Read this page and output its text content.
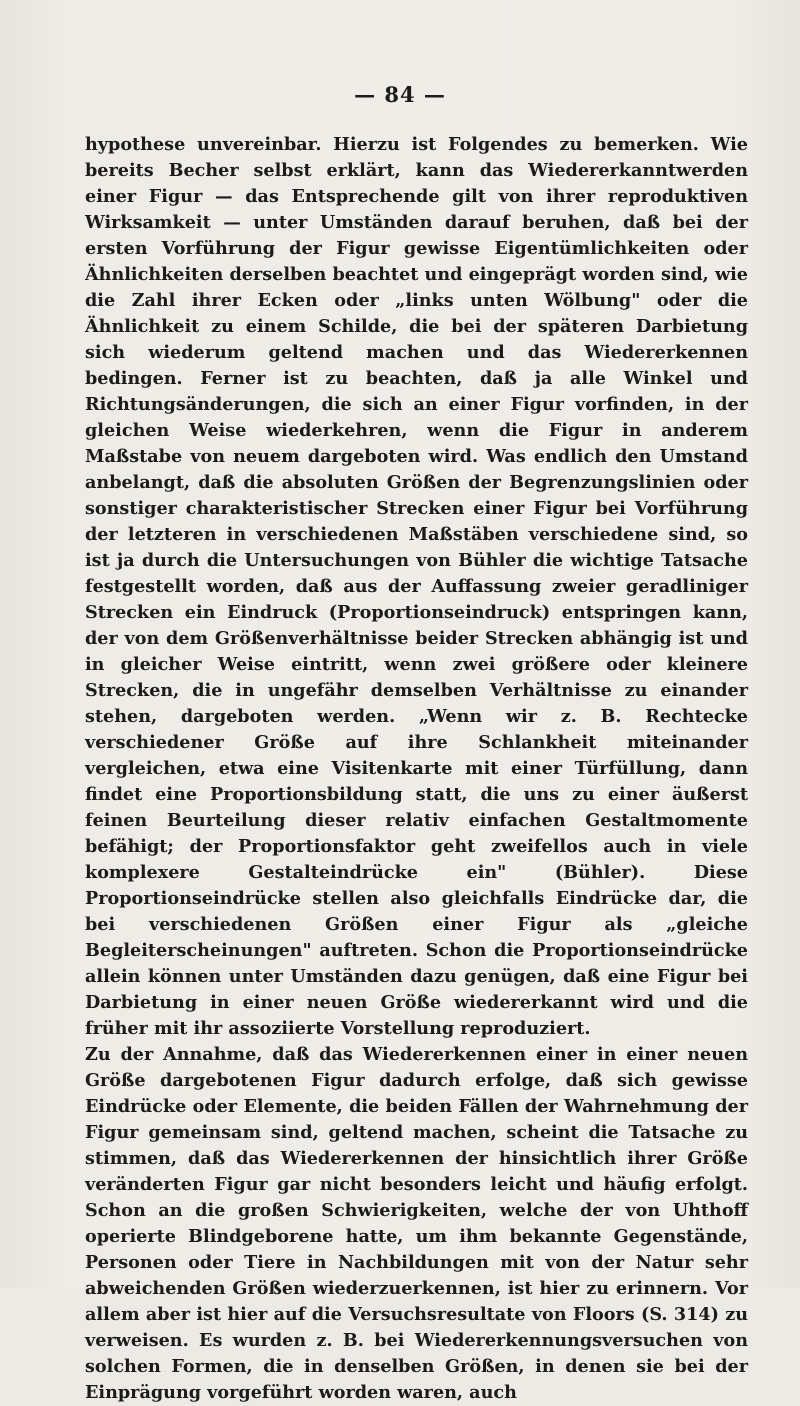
— 84 —

hypothese unvereinbar. Hierzu ist Folgendes zu bemerken. Wie bereits Becher selbst erklärt, kann das Wiedererkanntwerden einer Figur — das Entsprechende gilt von ihrer reproduktiven Wirksamkeit — unter Umständen darauf beruhen, daß bei der ersten Vorführung der Figur gewisse Eigentümlichkeiten oder Ähnlichkeiten derselben beachtet und eingeprägt worden sind, wie die Zahl ihrer Ecken oder „links unten Wölbung" oder die Ähnlichkeit zu einem Schilde, die bei der späteren Darbietung sich wiederum geltend machen und das Wiedererkennen bedingen. Ferner ist zu beachten, daß ja alle Winkel und Richtungsänderungen, die sich an einer Figur vorfinden, in der gleichen Weise wiederkehren, wenn die Figur in anderem Maßstabe von neuem dargeboten wird. Was endlich den Umstand anbelangt, daß die absoluten Größen der Begrenzungslinien oder sonstiger charakteristischer Strecken einer Figur bei Vorführung der letzteren in verschiedenen Maßstäben verschiedene sind, so ist ja durch die Untersuchungen von Bühler die wichtige Tatsache festgestellt worden, daß aus der Auffassung zweier geradliniger Strecken ein Eindruck (Proportionseindruck) entspringen kann, der von dem Größenverhältnisse beider Strecken abhängig ist und in gleicher Weise eintritt, wenn zwei größere oder kleinere Strecken, die in ungefähr demselben Verhältnisse zu einander stehen, dargeboten werden. „Wenn wir z. B. Rechtecke verschiedener Größe auf ihre Schlankheit miteinander vergleichen, etwa eine Visitenkarte mit einer Türfüllung, dann findet eine Proportionsbildung statt, die uns zu einer äußerst feinen Beurteilung dieser relativ einfachen Gestaltmomente befähigt; der Proportionsfaktor geht zweifellos auch in viele komplexere Gestalteindrücke ein" (Bühler). Diese Proportionseindrücke stellen also gleichfalls Eindrücke dar, die bei verschiedenen Größen einer Figur als „gleiche Begleiterscheinungen" auftreten. Schon die Proportionseindrücke allein können unter Umständen dazu genügen, daß eine Figur bei Darbietung in einer neuen Größe wiedererkannt wird und die früher mit ihr assoziierte Vorstellung reproduziert.

Zu der Annahme, daß das Wiedererkennen einer in einer neuen Größe dargebotenen Figur dadurch erfolge, daß sich gewisse Eindrücke oder Elemente, die beiden Fällen der Wahrnehmung der Figur gemeinsam sind, geltend machen, scheint die Tatsache zu stimmen, daß das Wiedererkennen der hinsichtlich ihrer Größe veränderten Figur gar nicht besonders leicht und häufig erfolgt. Schon an die großen Schwierigkeiten, welche der von Uhthoff operierte Blindgeborene hatte, um ihm bekannte Gegenstände, Personen oder Tiere in Nachbildungen mit von der Natur sehr abweichenden Größen wiederzuerkennen, ist hier zu erinnern. Vor allem aber ist hier auf die Versuchsresultate von Floors (S. 314) zu verweisen. Es wurden z. B. bei Wiedererkennungsversuchen von solchen Formen, die in denselben Größen, in denen sie bei der Einprägung vorgeführt worden waren, auch
